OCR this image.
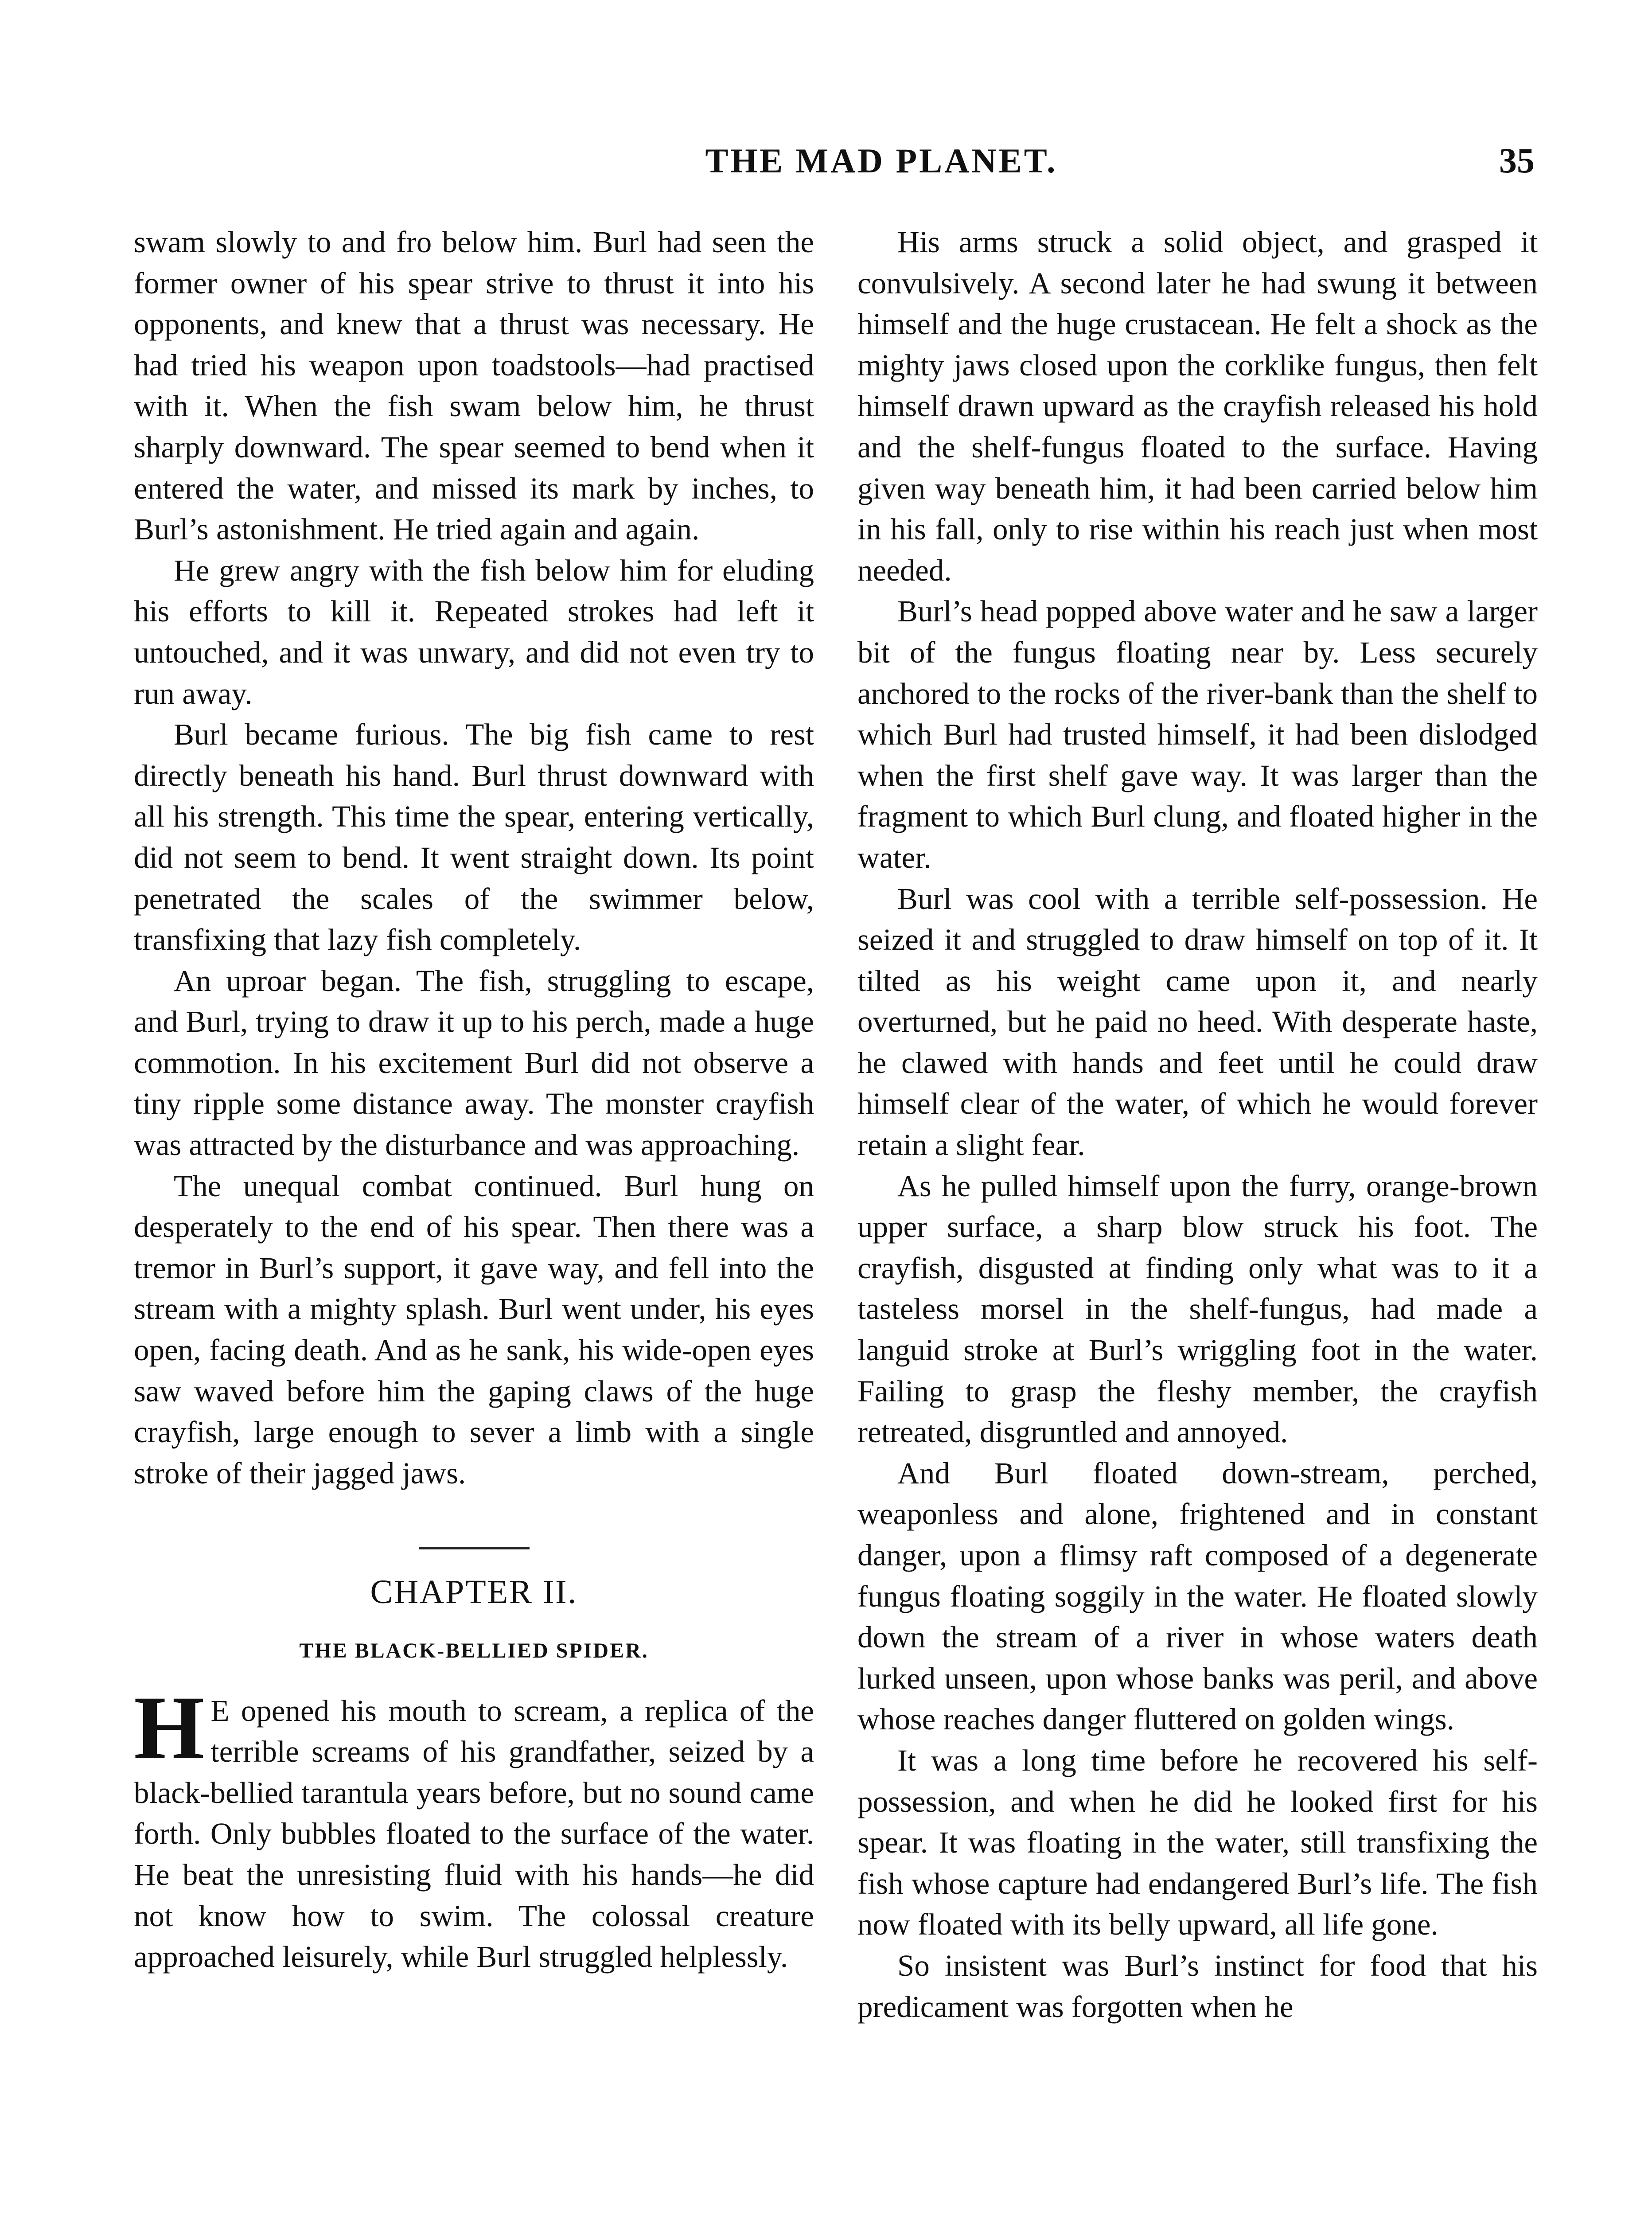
THE MAD PLANET.	35

swam slowly to and fro below him. Burl had seen the former owner of his spear strive to thrust it into his opponents, and knew that a thrust was necessary. He had tried his weapon upon toadstools—had practised with it. When the fish swam below him, he thrust sharply downward. The spear seemed to bend when it entered the water, and missed its mark by inches, to Burl’s astonishment. He tried again and again.

He grew angry with the fish below him for eluding his efforts to kill it. Repeated strokes had left it untouched, and it was unwary, and did not even try to run away.

Burl became furious. The big fish came to rest directly beneath his hand. Burl thrust downward with all his strength. This time the spear, entering vertically, did not seem to bend. It went straight down. Its point penetrated the scales of the swimmer below, transfixing that lazy fish completely.

An uproar began. The fish, struggling to escape, and Burl, trying to draw it up to his perch, made a huge commotion. In his excitement Burl did not observe a tiny ripple some distance away. The monster crayfish was attracted by the disturbance and was approaching.

The unequal combat continued. Burl hung on desperately to the end of his spear. Then there was a tremor in Burl’s support, it gave way, and fell into the stream with a mighty splash. Burl went under, his eyes open, facing death. And as he sank, his wide-open eyes saw waved before him the gaping claws of the huge crayfish, large enough to sever a limb with a single stroke of their jagged jaws.

CHAPTER II.
THE BLACK-BELLIED SPIDER.

H E opened his mouth to scream, a replica of the terrible screams of his grandfather, seized by a black-bellied tarantula years before, but no sound came forth. Only bubbles floated to the surface of the water. He beat the unresisting fluid with his hands—he did not know how to swim. The colossal creature approached leisurely, while Burl struggled helplessly.

His arms struck a solid object, and grasped it convulsively. A second later he had swung it between himself and the huge crustacean. He felt a shock as the mighty jaws closed upon the corklike fungus, then felt himself drawn upward as the crayfish released his hold and the shelf-fungus floated to the surface. Having given way beneath him, it had been carried below him in his fall, only to rise within his reach just when most needed.

Burl’s head popped above water and he saw a larger bit of the fungus floating near by. Less securely anchored to the rocks of the river-bank than the shelf to which Burl had trusted himself, it had been dislodged when the first shelf gave way. It was larger than the fragment to which Burl clung, and floated higher in the water.

Burl was cool with a terrible self-possession. He seized it and struggled to draw himself on top of it. It tilted as his weight came upon it, and nearly overturned, but he paid no heed. With desperate haste, he clawed with hands and feet until he could draw himself clear of the water, of which he would forever retain a slight fear.

As he pulled himself upon the furry, orange-brown upper surface, a sharp blow struck his foot. The crayfish, disgusted at finding only what was to it a tasteless morsel in the shelf-fungus, had made a languid stroke at Burl’s wriggling foot in the water. Failing to grasp the fleshy member, the crayfish retreated, disgruntled and annoyed.

And Burl floated down-stream, perched, weaponless and alone, frightened and in constant danger, upon a flimsy raft composed of a degenerate fungus floating soggily in the water. He floated slowly down the stream of a river in whose waters death lurked unseen, upon whose banks was peril, and above whose reaches danger fluttered on golden wings.

It was a long time before he recovered his self-possession, and when he did he looked first for his spear. It was floating in the water, still transfixing the fish whose capture had endangered Burl’s life. The fish now floated with its belly upward, all life gone.

So insistent was Burl’s instinct for food that his predicament was forgotten when he
